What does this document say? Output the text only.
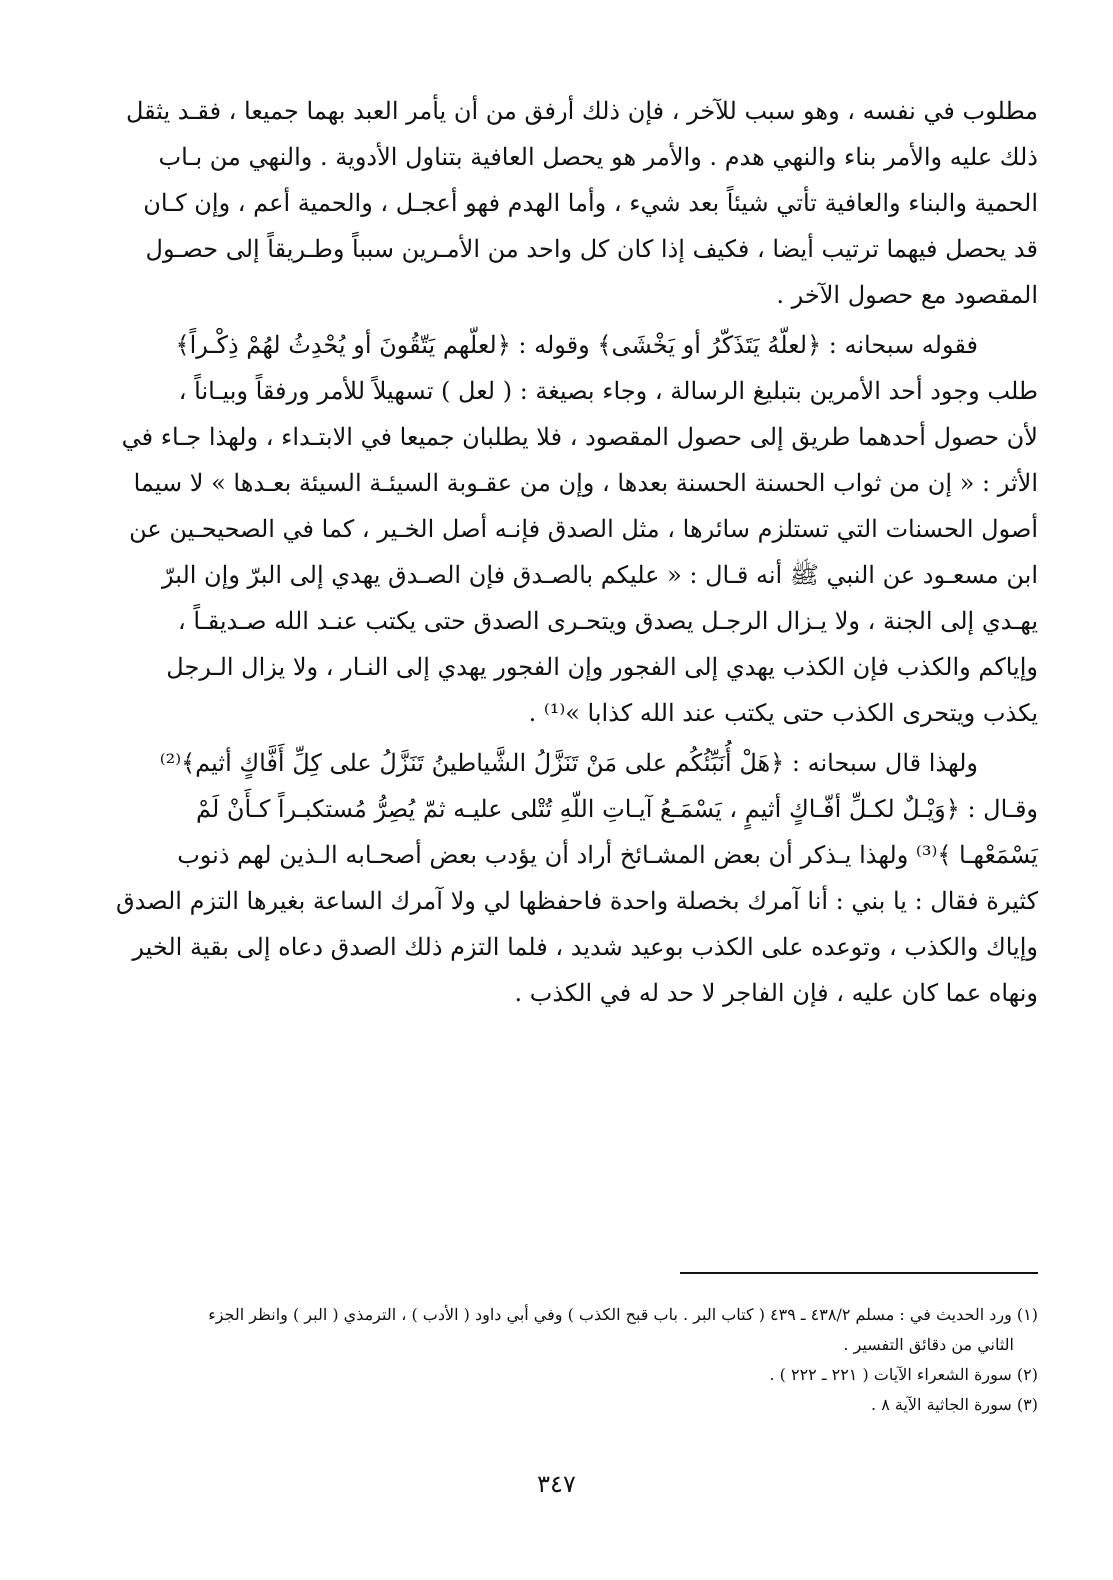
مطلوب في نفسه ، وهو سبب للآخر ، فإن ذلك أرفق من أن يأمر العبد بهما جميعا ، فقـد يثقل
ذلك عليه والأمر بناء والنهي هدم . والأمر هو يحصل العافية بتناول الأدوية . والنهي من بـاب
الحمية والبناء والعافية تأتي شيئاً بعد شيء ، وأما الهدم فهو أعجـل ، والحمية أعم ، وإن كـان
قد يحصل فيهما ترتيب أيضا ، فكيف إذا كان كل واحد من الأمـرين سبباً وطـريقاً إلى حصـول
المقصود مع حصول الآخر .

فقوله سبحانه : ﴿لعلّهُ يَتَذَكّرُ أو يَخْشَى﴾ وقوله : ﴿لعلّهم يَتّقُونَ أو يُحْدِثُ لهُمْ ذِكْـراً﴾
طلب وجود أحد الأمرين بتبليغ الرسالة ، وجاء بصيغة : ( لعل ) تسهيلاً للأمر ورفقاً وبيـاناً ،
لأن حصول أحدهما طريق إلى حصول المقصود ، فلا يطلبان جميعا في الابتـداء ، ولهذا جـاء في
الأثر : « إن من ثواب الحسنة الحسنة بعدها ، وإن من عقـوبة السيئـة السيئة بعـدها » لا سيما
أصول الحسنات التي تستلزم سائرها ، مثل الصدق فإنـه أصل الخـير ، كما في الصحيحـين عن
ابن مسعـود عن النبي ﷺ أنه قـال : « عليكم بالصـدق فإن الصـدق يهدي إلى البرّ وإن البرّ
يهـدي إلى الجنة ، ولا يـزال الرجـل يصدق ويتحـرى الصدق حتى يكتب عنـد الله صـديقـاً ،
وإياكم والكذب فإن الكذب يهدي إلى الفجور وإن الفجور يهدي إلى النـار ، ولا يزال الـرجل
يكذب ويتحرى الكذب حتى يكتب عند الله كذابا »⁽¹⁾ .

ولهذا قال سبحانه : ﴿هَلْ أُنَبِّئُكُم على مَنْ تَنَزَّلُ الشَّياطينُ تَنَزَّلُ على كِلِّ أَفَّاكٍ أثيم﴾⁽²⁾
وقـال : ﴿وَيْـلٌ لكـلِّ أفّـاكٍ أثيمٍ ، يَسْمَـعُ آيـاتِ اللّهِ تُتْلى عليـه ثمّ يُصِرُّ مُستكبـراً كـأَنْ لَمْ
يَسْمَعْهـا ﴾⁽³⁾ ولهذا يـذكر أن بعض المشـائخ أراد أن يؤدب بعض أصحـابه الـذين لهم ذنوب
كثيرة فقال : يا بني : أنا آمرك بخصلة واحدة فاحفظها لي ولا آمرك الساعة بغيرها التزم الصدق
وإياك والكذب ، وتوعده على الكذب بوعيد شديد ، فلما التزم ذلك الصدق دعاه إلى بقية الخير
ونهاه عما كان عليه ، فإن الفاجر لا حد له في الكذب .

(١) ورد الحديث في : مسلم ٤٣٨/٢ ـ ٤٣٩ ( كتاب البر . باب قبح الكذب ) وفي أبي داود ( الأدب ) ، الترمذي ( البر ) وانظر الجزء
الثاني من دقائق التفسير .
(٢) سورة الشعراء الآيات ( ٢٢١ ـ ٢٢٢ ) .
(٣) سورة الجاثية الآية ٨ .
٣٤٧
